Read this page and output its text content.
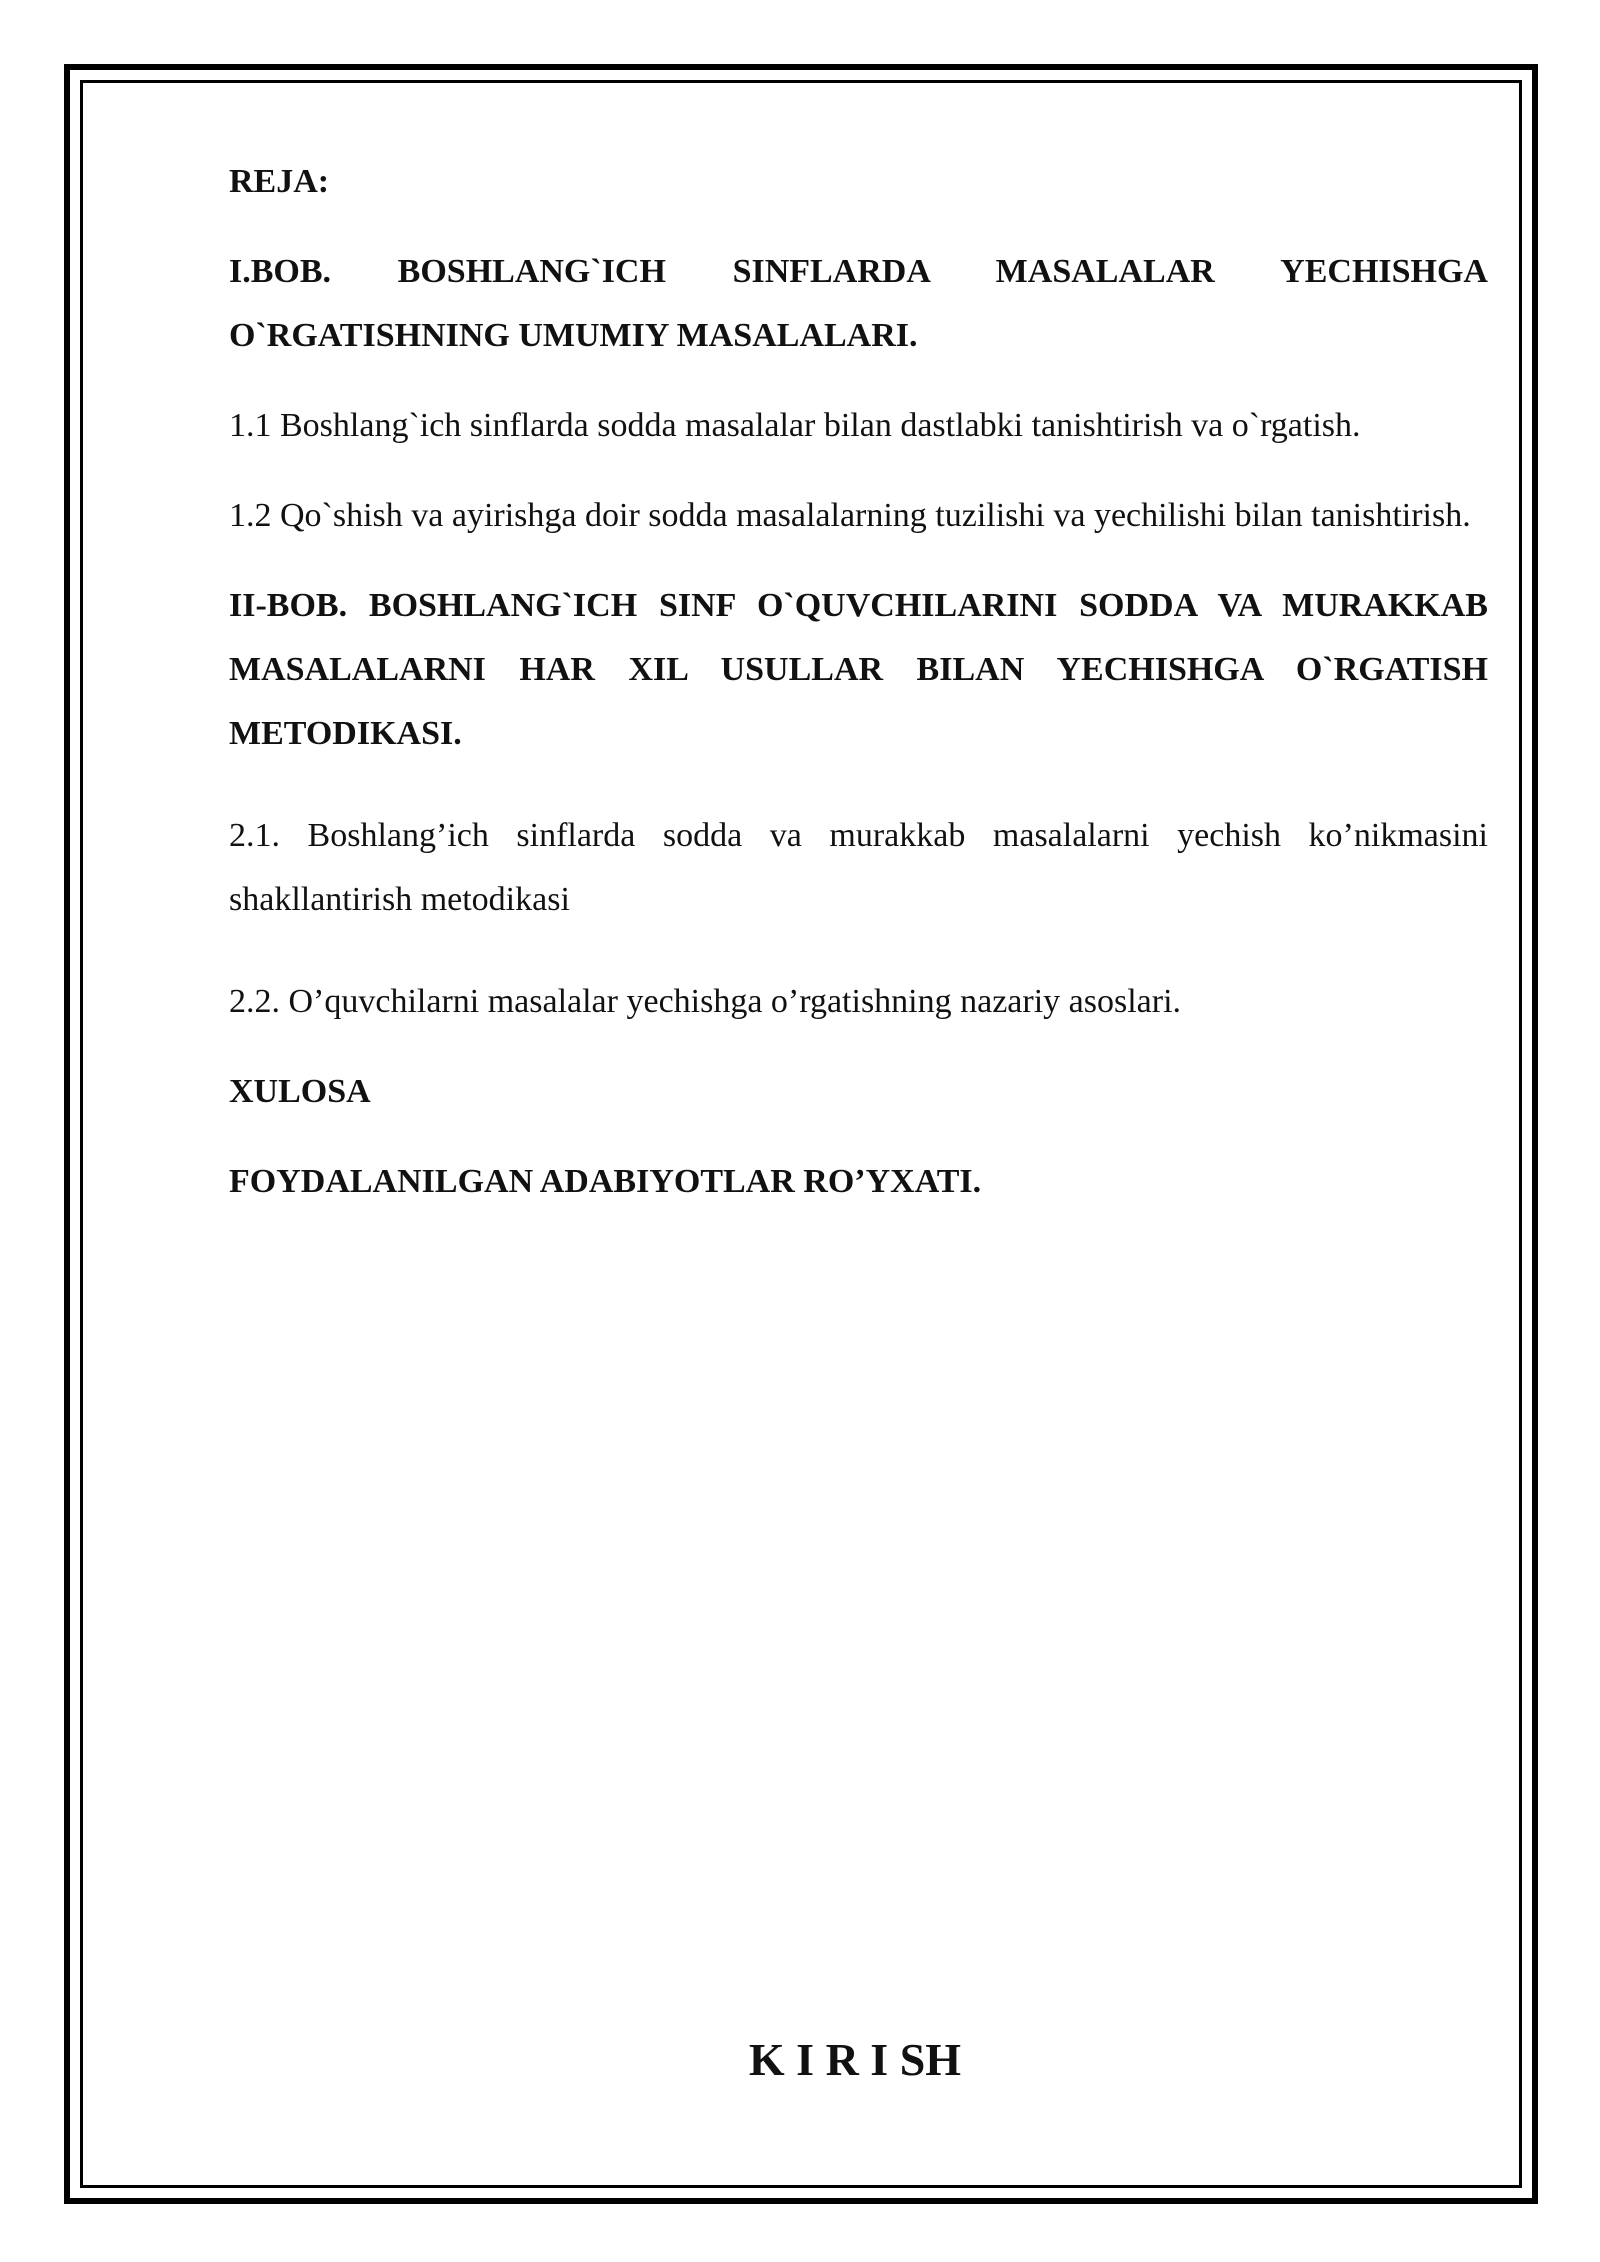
REJA:

I.BOB. BOSHLANG`ICH SINFLARDA MASALALAR YECHISHGA O`RGATISHNING UMUMIY MASALALARI.

1.1 Boshlang`ich sinflarda sodda masalalar bilan dastlabki tanishtirish va o`rgatish.

1.2 Qo`shish va ayirishga doir sodda masalalarning tuzilishi va yechilishi bilan tanishtirish.

II-BOB. BOSHLANG`ICH SINF O`QUVCHILARINI SODDA VA MURAKKAB MASALALARNI HAR XIL USULLAR BILAN YECHISHGA O`RGATISH METODIKASI.

2.1. Boshlang’ich sinflarda sodda va murakkab masalalarni yechish ko’nikmasini shakllantirish metodikasi

2.2. O’quvchilarni masalalar yechishga o’rgatishning nazariy asoslari.

XULOSA

FOYDALANILGAN ADABIYOTLAR RO’YXATI.

K I R I SH
